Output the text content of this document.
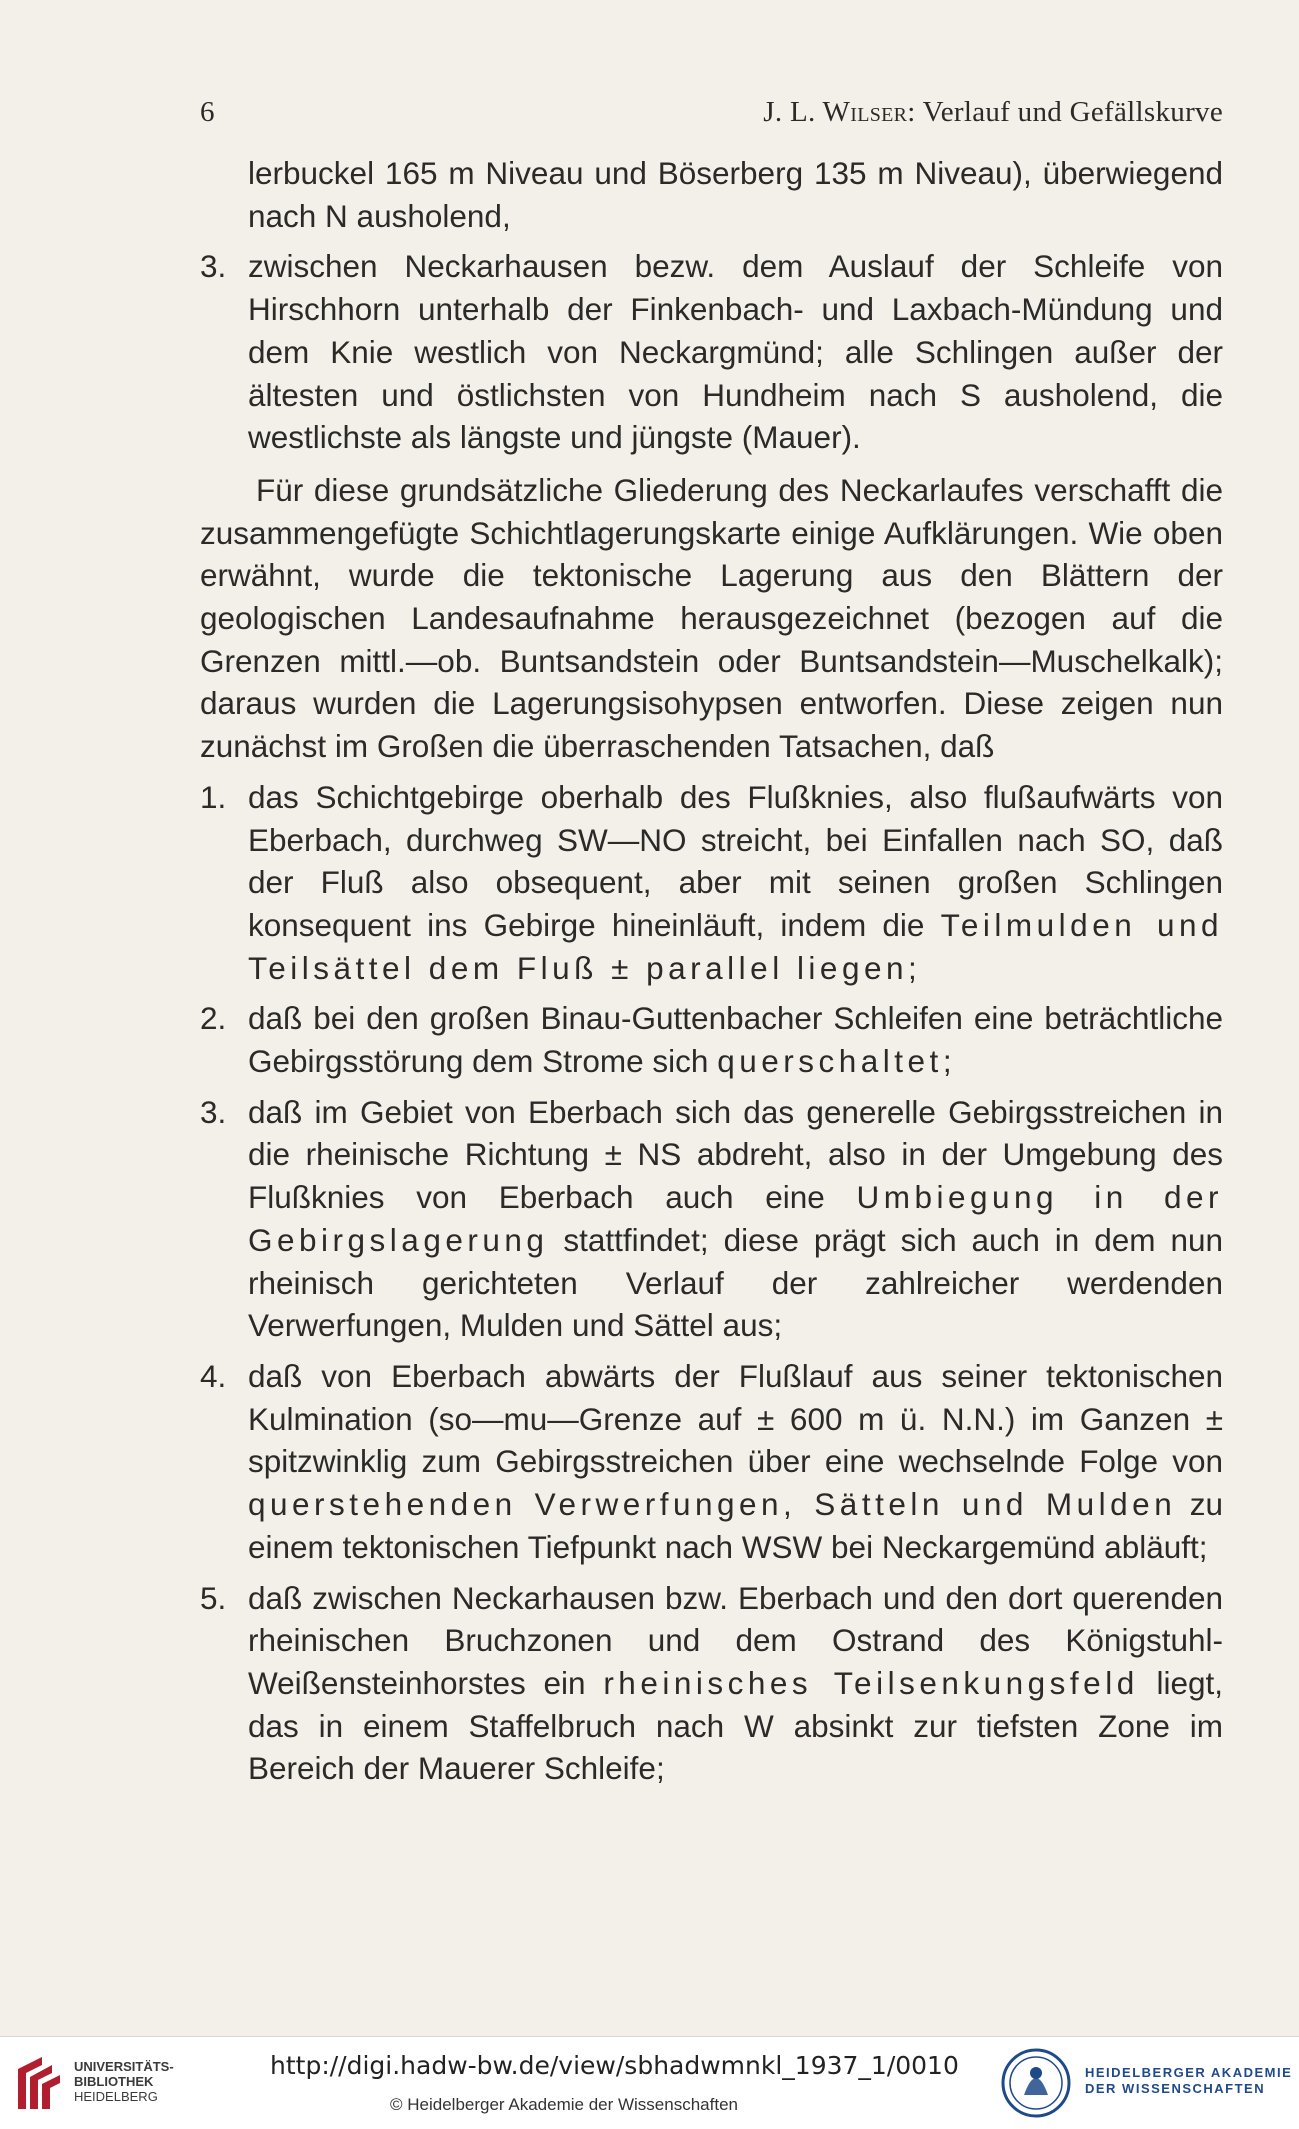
6	J. L. Wilser: Verlauf und Gefällskurve

lerbuckel 165 m Niveau und Böserberg 135 m Niveau), überwiegend nach N ausholend,

3. zwischen Neckarhausen bezw. dem Auslauf der Schleife von Hirschhorn unterhalb der Finkenbach- und Laxbach-Mündung und dem Knie westlich von Neckargmünd; alle Schlingen außer der ältesten und östlichsten von Hundheim nach S ausholend, die westlichste als längste und jüngste (Mauer).

Für diese grundsätzliche Gliederung des Neckarlaufes verschafft die zusammengefügte Schichtlagerungskarte einige Aufklärungen. Wie oben erwähnt, wurde die tektonische Lagerung aus den Blättern der geologischen Landesaufnahme herausgezeichnet (bezogen auf die Grenzen mittl.—ob. Buntsandstein oder Buntsandstein—Muschelkalk); daraus wurden die Lagerungsisohypsen entworfen. Diese zeigen nun zunächst im Großen die überraschenden Tatsachen, daß

1. das Schichtgebirge oberhalb des Flußknies, also flußaufwärts von Eberbach, durchweg SW—NO streicht, bei Einfallen nach SO, daß der Fluß also obsequent, aber mit seinen großen Schlingen konsequent ins Gebirge hineinläuft, indem die Teilmulden und Teilsättel dem Fluß ± parallel liegen;

2. daß bei den großen Binau-Guttenbacher Schleifen eine beträchtliche Gebirgsstörung dem Strome sich querschaltet;

3. daß im Gebiet von Eberbach sich das generelle Gebirgsstreichen in die rheinische Richtung ± NS abdreht, also in der Umgebung des Flußknies von Eberbach auch eine Umbiegung in der Gebirgslagerung stattfindet; diese prägt sich auch in dem nun rheinisch gerichteten Verlauf der zahlreicher werdenden Verwerfungen, Mulden und Sättel aus;

4. daß von Eberbach abwärts der Flußlauf aus seiner tektonischen Kulmination (so—mu—Grenze auf ± 600 m ü. N.N.) im Ganzen ± spitzwinklig zum Gebirgsstreichen über eine wechselnde Folge von querstehenden Verwerfungen, Sätteln und Mulden zu einem tektonischen Tiefpunkt nach WSW bei Neckargemünd abläuft;

5. daß zwischen Neckarhausen bzw. Eberbach und den dort querenden rheinischen Bruchzonen und dem Ostrand des Königstuhl-Weißensteinhorstes ein rheinisches Teilsenkungsfeld liegt, das in einem Staffelbruch nach W absinkt zur tiefsten Zone im Bereich der Mauerer Schleife;

UNIVERSITÄTS-
BIBLIOTHEK
HEIDELBERG
http://digi.hadw-bw.de/view/sbhadwmnkl_1937_1/0010
© Heidelberger Akademie der Wissenschaften
HEIDELBERGER AKADEMIE
DER WISSENSCHAFTEN
